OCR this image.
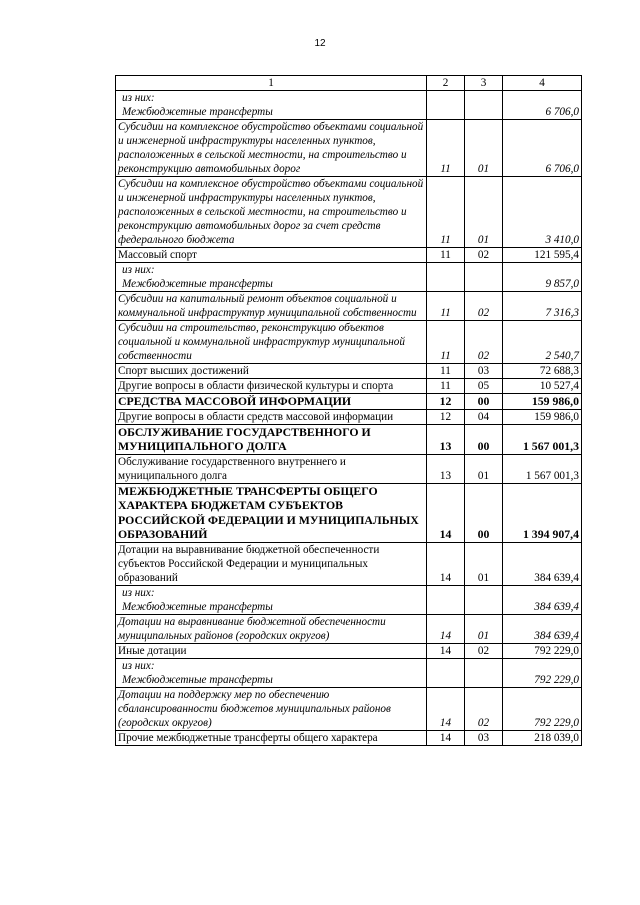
12
1	2	3	4
из них:			
Межбюджетные трансферты			6 706,0
Субсидии на комплексное обустройство объектами социальной и инженерной инфраструктуры населенных пунктов, расположенных в сельской местности, на строительство и реконструкцию автомобильных дорог	11	01	6 706,0
Субсидии на комплексное обустройство объектами социальной и инженерной инфраструктуры населенных пунктов, расположенных в сельской местности, на строительство и реконструкцию автомобильных дорог за счет средств федерального бюджета	11	01	3 410,0
Массовый спорт	11	02	121 595,4
из них:			
Межбюджетные трансферты			9 857,0
Субсидии на капитальный ремонт объектов социальной и коммунальной инфраструктур муниципальной собственности	11	02	7 316,3
Субсидии на строительство, реконструкцию объектов социальной и коммунальной инфраструктур муниципальной собственности	11	02	2 540,7
Спорт высших достижений	11	03	72 688,3
Другие вопросы в области физической культуры и спорта	11	05	10 527,4
СРЕДСТВА МАССОВОЙ ИНФОРМАЦИИ	12	00	159 986,0
Другие вопросы в области средств массовой информации	12	04	159 986,0
ОБСЛУЖИВАНИЕ ГОСУДАРСТВЕННОГО И МУНИЦИПАЛЬНОГО ДОЛГА	13	00	1 567 001,3
Обслуживание государственного внутреннего и муниципального долга	13	01	1 567 001,3
МЕЖБЮДЖЕТНЫЕ ТРАНСФЕРТЫ ОБЩЕГО ХАРАКТЕРА БЮДЖЕТАМ СУБЪЕКТОВ РОССИЙСКОЙ ФЕДЕРАЦИИ И МУНИЦИПАЛЬНЫХ ОБРАЗОВАНИЙ	14	00	1 394 907,4
Дотации на выравнивание бюджетной обеспеченности субъектов Российской Федерации и муниципальных образований	14	01	384 639,4
из них:			
Межбюджетные трансферты			384 639,4
Дотации на выравнивание бюджетной обеспеченности муниципальных районов (городских округов)	14	01	384 639,4
Иные дотации	14	02	792 229,0
из них:			
Межбюджетные трансферты			792 229,0
Дотации на поддержку мер по обеспечению сбалансированности бюджетов муниципальных районов (городских округов)	14	02	792 229,0
Прочие межбюджетные трансферты общего характера	14	03	218 039,0
